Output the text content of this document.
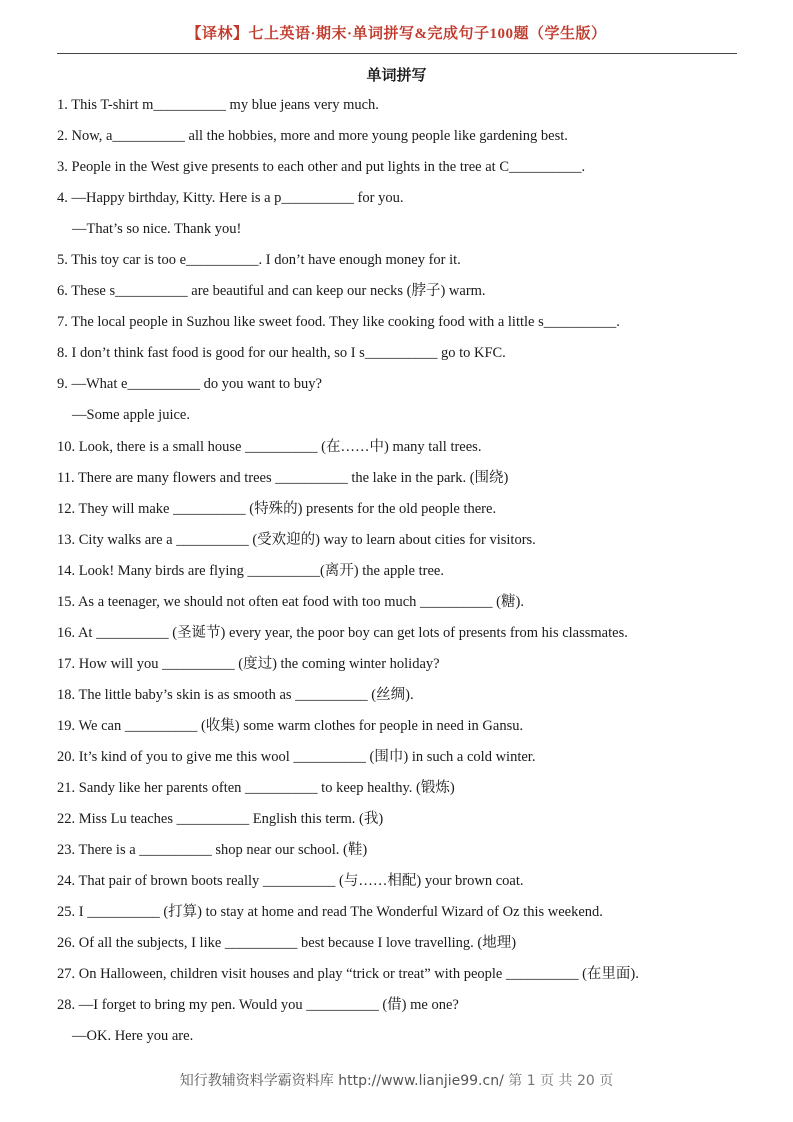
【译林】七上英语·期末·单词拼写&完成句子100题（学生版）
单词拼写
1. This T-shirt m__________ my blue jeans very much.
2. Now, a__________ all the hobbies, more and more young people like gardening best.
3. People in the West give presents to each other and put lights in the tree at C__________.
4. —Happy birthday, Kitty. Here is a p__________ for you.
—That’s so nice. Thank you!
5. This toy car is too e__________. I don’t have enough money for it.
6. These s__________ are beautiful and can keep our necks (脖子) warm.
7. The local people in Suzhou like sweet food. They like cooking food with a little s__________.
8. I don’t think fast food is good for our health, so I s__________ go to KFC.
9. —What e__________ do you want to buy?
—Some apple juice.
10. Look, there is a small house __________ (在……中) many tall trees.
11. There are many flowers and trees __________ the lake in the park. (围绕)
12. They will make __________ (特殊的) presents for the old people there.
13. City walks are a __________ (受欢迎的) way to learn about cities for visitors.
14. Look! Many birds are flying __________(离开) the apple tree.
15. As a teenager, we should not often eat food with too much __________ (糖).
16. At __________ (圣诞节) every year, the poor boy can get lots of presents from his classmates.
17. How will you __________ (度过) the coming winter holiday?
18. The little baby’s skin is as smooth as __________ (丝绸).
19. We can __________ (收集) some warm clothes for people in need in Gansu.
20. It’s kind of you to give me this wool __________ (围巾) in such a cold winter.
21. Sandy like her parents often __________ to keep healthy. (锻炼)
22. Miss Lu teaches __________ English this term. (我)
23. There is a __________ shop near our school. (鞋)
24. That pair of brown boots really __________ (与……相配) your brown coat.
25. I __________ (打算) to stay at home and read The Wonderful Wizard of Oz this weekend.
26. Of all the subjects, I like __________ best because I love travelling. (地理)
27. On Halloween, children visit houses and play “trick or treat” with people __________ (在里面).
28. —I forget to bring my pen. Would you __________ (借) me one?
—OK. Here you are.
知行教辅资料学霸资料库 http://www.lianjie99.cn/ 第 1 页 共 20 页
